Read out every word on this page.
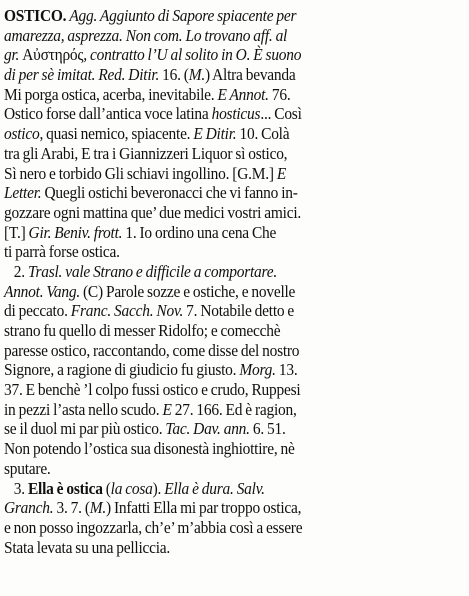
OSTICO. Agg. Aggiunto di Sapore spiacente per
amarezza, asprezza. Non com. Lo trovano aff. al
gr. Αὐστηρός, contratto l’U al solito in O. È suono
di per sè imitat. Red. Ditir. 16. (M.) Altra bevanda
Mi porga ostica, acerba, inevitabile. E Annot. 76.
Ostico forse dall’antica voce latina hosticus... Così
ostico, quasi nemico, spiacente. E Ditir. 10. Colà
tra gli Arabi, E tra i Giannizzeri Liquor sì ostico,
Sì nero e torbido Gli schiavi ingollino. [G.M.] E
Letter. Quegli ostichi beveronacci che vi fanno in-
gozzare ogni mattina que’ due medici vostri amici.
[T.] Gir. Beniv. frott. 1. Io ordino una cena Che
ti parrà forse ostica.
2. Trasl. vale Strano e difficile a comportare.
Annot. Vang. (C) Parole sozze e ostiche, e novelle
di peccato. Franc. Sacch. Nov. 7. Notabile detto e
strano fu quello di messer Ridolfo; e comecchè
paresse ostico, raccontando, come disse del nostro
Signore, a ragione di giudicio fu giusto. Morg. 13.
37. E benchè ’l colpo fussi ostico e crudo, Ruppesi
in pezzi l’asta nello scudo. E 27. 166. Ed è ragion,
se il duol mi par più ostico. Tac. Dav. ann. 6. 51.
Non potendo l’ostica sua disonestà inghiottire, nè
sputare.
3. Ella è ostica (la cosa). Ella è dura. Salv.
Granch. 3. 7. (M.) Infatti Ella mi par troppo ostica,
e non posso ingozzarla, ch’e’ m’abbia così a essere
Stata levata su una pelliccia.
